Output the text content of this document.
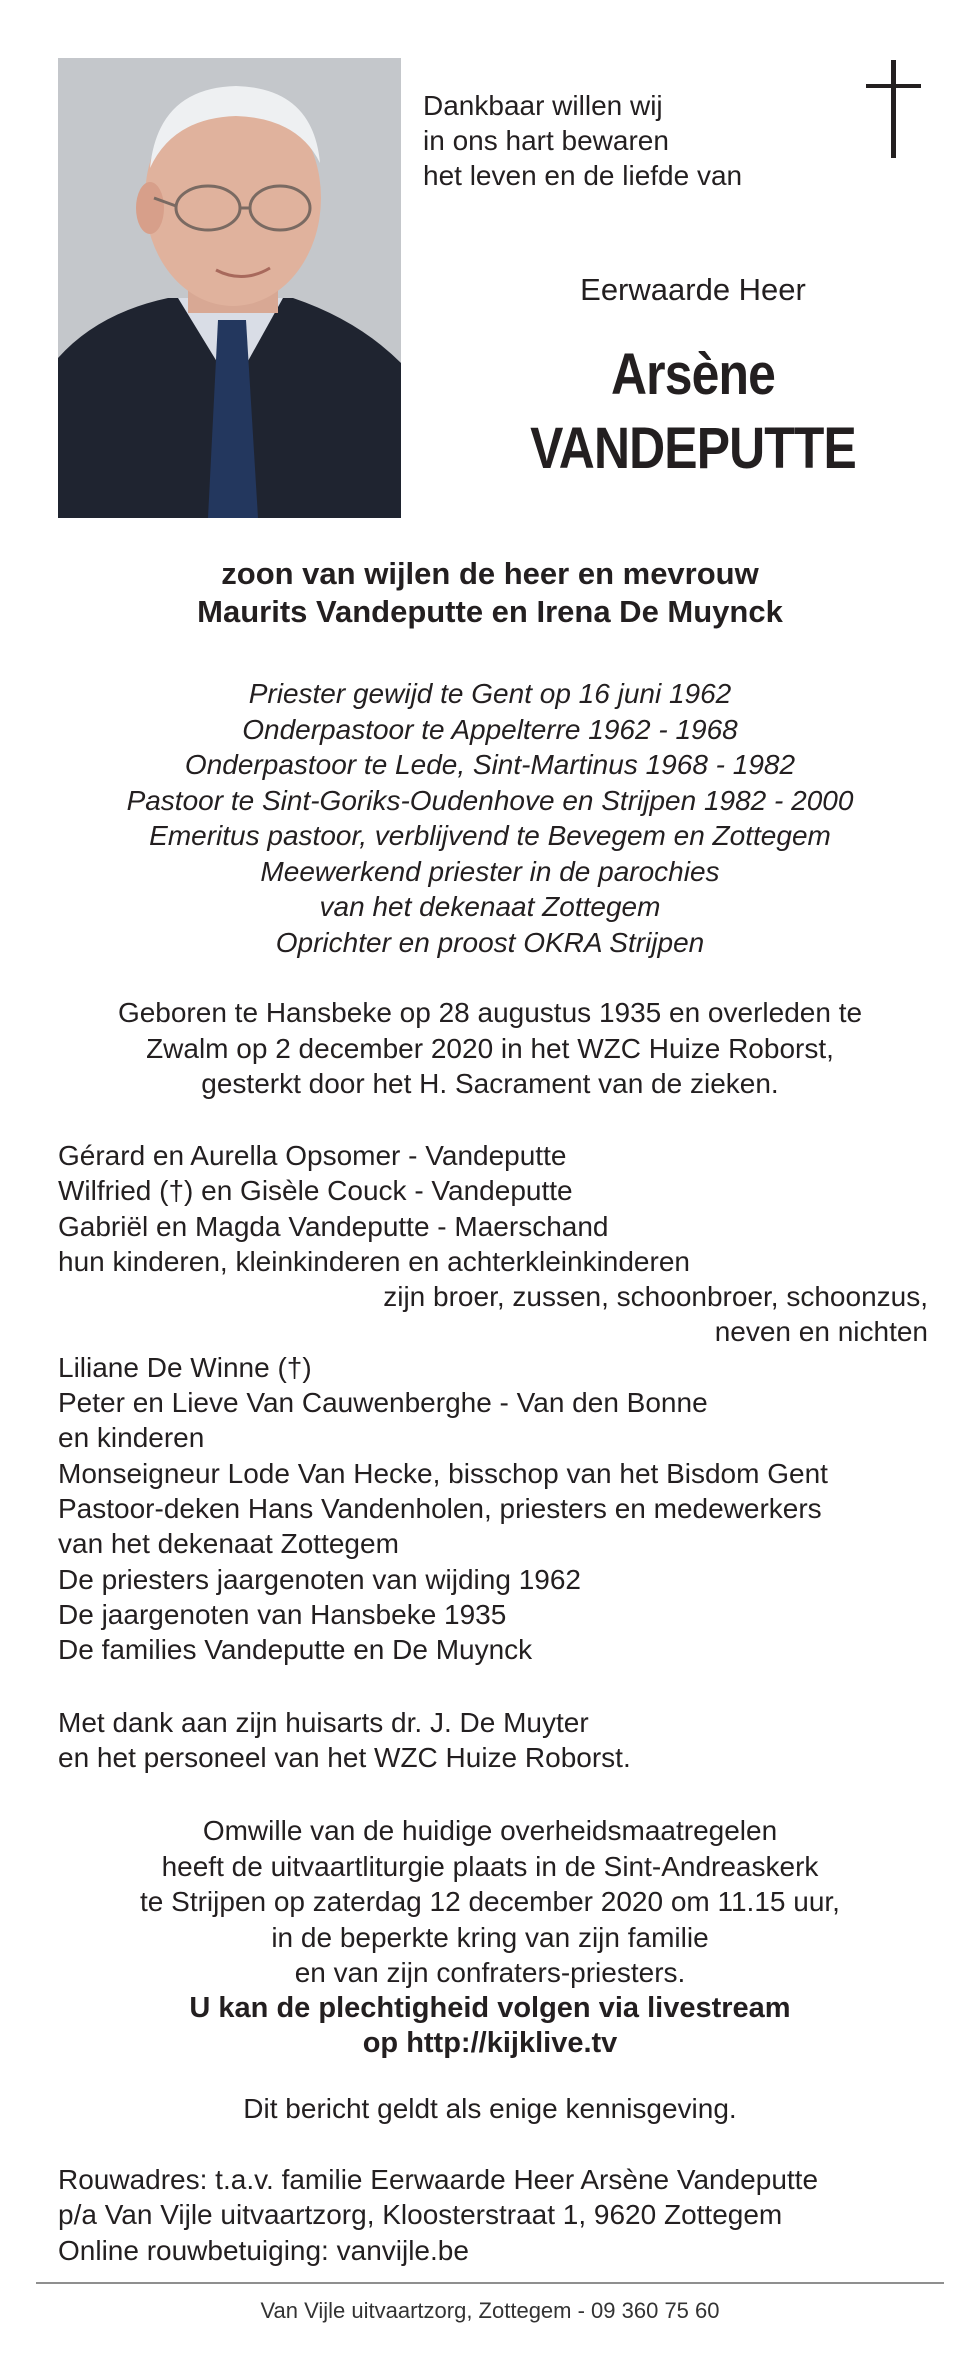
Dankbaar willen wij
in ons hart bewaren
het leven en de liefde van
Eerwaarde Heer
Arsène
VANDEPUTTE
zoon van wijlen de heer en mevrouw
Maurits Vandeputte en Irena De Muynck
Priester gewijd te Gent op 16 juni 1962
Onderpastoor te Appelterre 1962 - 1968
Onderpastoor te Lede, Sint-Martinus 1968 - 1982
Pastoor te Sint-Goriks-Oudenhove en Strijpen 1982 - 2000
Emeritus pastoor, verblijvend te Bevegem en Zottegem
Meewerkend priester in de parochies
van het dekenaat Zottegem
Oprichter en proost OKRA Strijpen
Geboren te Hansbeke op 28 augustus 1935 en overleden te
Zwalm op 2 december 2020 in het WZC Huize Roborst,
gesterkt door het H. Sacrament van de zieken.
Gérard en Aurella Opsomer - Vandeputte
Wilfried (†) en Gisèle Couck - Vandeputte
Gabriël en Magda Vandeputte - Maerschand
hun kinderen, kleinkinderen en achterkleinkinderen
zijn broer, zussen, schoonbroer, schoonzus,
neven en nichten
Liliane De Winne (†)
Peter en Lieve Van Cauwenberghe - Van den Bonne
en kinderen
Monseigneur Lode Van Hecke, bisschop van het Bisdom Gent
Pastoor-deken Hans Vandenholen, priesters en medewerkers
van het dekenaat Zottegem
De priesters jaargenoten van wijding 1962
De jaargenoten van Hansbeke 1935
De families Vandeputte en De Muynck
Met dank aan zijn huisarts dr. J. De Muyter
en het personeel van het WZC Huize Roborst.
Omwille van de huidige overheidsmaatregelen
heeft de uitvaartliturgie plaats in de Sint-Andreaskerk
te Strijpen op zaterdag 12 december 2020 om 11.15 uur,
in de beperkte kring van zijn familie
en van zijn confraters-priesters.
U kan de plechtigheid volgen via livestream
op http://kijklive.tv
Dit bericht geldt als enige kennisgeving.
Rouwadres: t.a.v. familie Eerwaarde Heer Arsène Vandeputte
p/a Van Vijle uitvaartzorg, Kloosterstraat 1, 9620 Zottegem
Online rouwbetuiging: vanvijle.be
Van Vijle uitvaartzorg, Zottegem - 09 360 75 60
